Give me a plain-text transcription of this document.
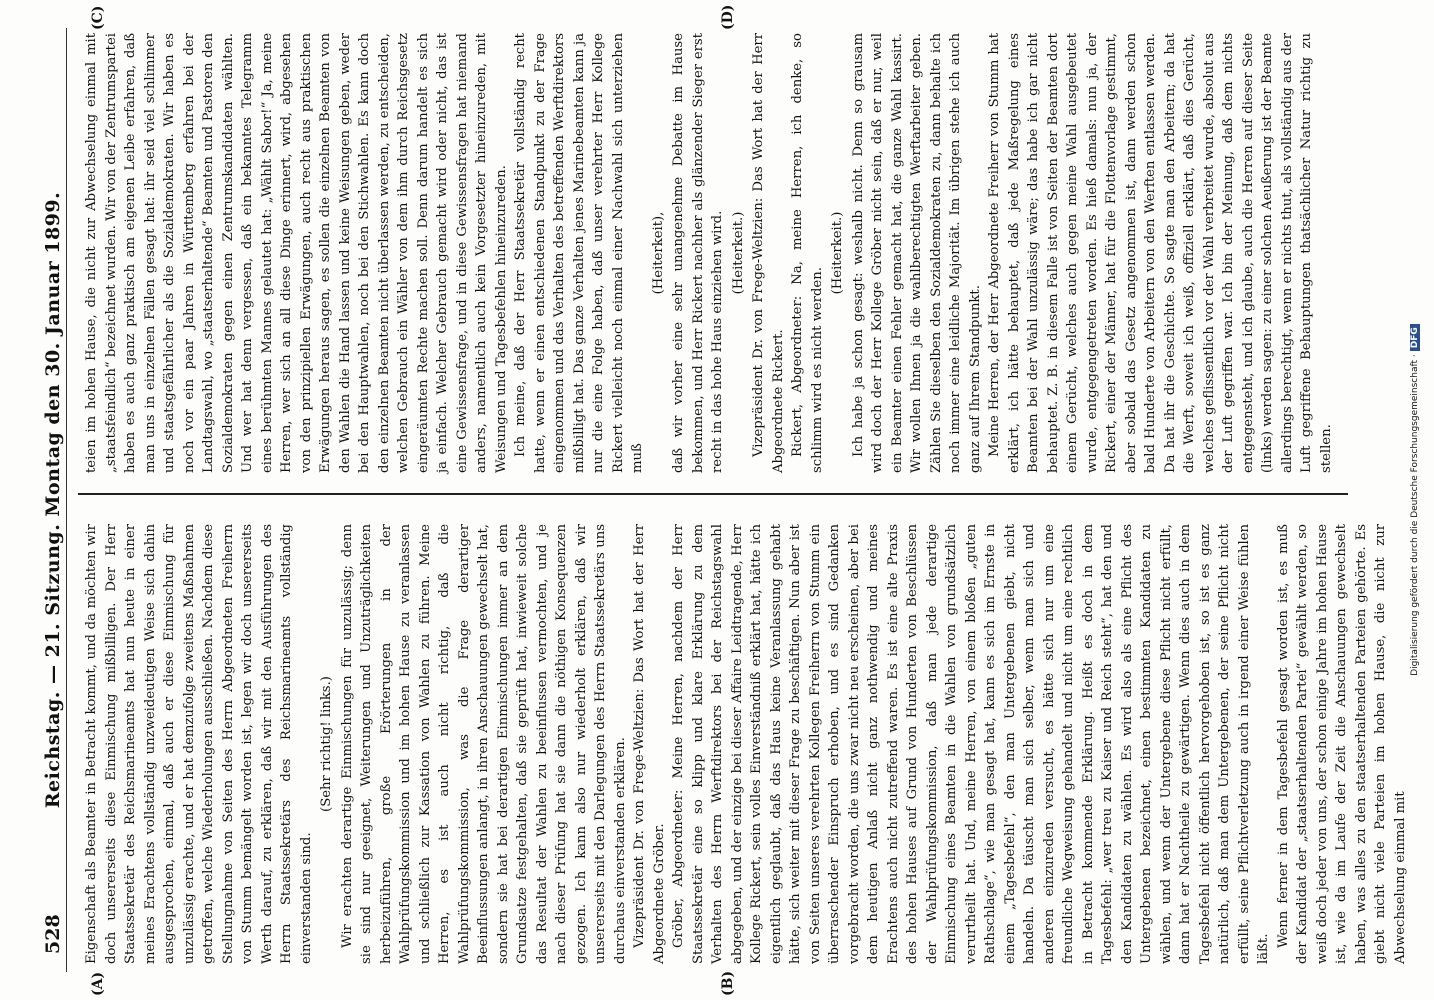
528
Reichstag. — 21. Sitzung. Montag den 30. Januar 1899.
(A)	(B)
(C)	(D)

Eigenschaft als Beamter in Betracht kommt, und da möchten wir doch unsererseits diese Einmischung mißbilligen. Der Herr Staatssekretär des Reichsmarineamts hat nun heute in einer meines Erachtens vollständig unzweideutigen Weise sich dahin ausgesprochen, einmal, daß auch er diese Einmischung für unzulässig erachte, und er hat demzufolge zweitens Maßnahmen getroffen, welche Wiederholungen ausschließen. Nachdem diese Stellungnahme von Seiten des Herrn Abgeordneten Freiherrn von Stumm bemängelt worden ist, legen wir doch unsererseits Werth darauf, zu erklären, daß wir mit den Ausführungen des Herrn Staatssekretärs des Reichsmarineamts vollständig einverstanden sind.

(Sehr richtig! links.) Wir erachten derartige Einmischungen für unzulässig; denn sie sind nur geeignet, Weiterungen und Unzuträglichkeiten herbeizuführen, große Erörterungen in der Wahlprüfungskommission und im hohen Hause zu veranlassen und schließlich zur Kassation von Wahlen zu führen. Meine Herren, es ist auch nicht richtig, daß die Wahlprüfungskommission, was die Frage derartiger Beeinflussungen anlangt, in ihren Anschauungen gewechselt hat, sondern sie hat bei derartigen Einmischungen immer an dem Grundsatze festgehalten, daß sie geprüft hat, inwieweit solche das Resultat der Wahlen zu beeinflussen vermochten, und je nach dieser Prüfung hat sie dann die nöthigen Konsequenzen gezogen. Ich kann also nur wiederholt erklären, daß wir unsererseits mit den Darlegungen des Herrn Staatssekretärs uns durchaus einverstanden erklären. Vizepräsident Dr. von Frege-Weltzien: Das Wort hat der Herr Abgeordnete Gröber. Gröber, Abgeordneter: Meine Herren, nachdem der Herr Staatssekretär eine so klipp und klare Erklärung zu dem Verhalten des Herrn Werftdirektors bei der Reichstagswahl abgegeben, und der einzige bei dieser Affaire Leidtragende, Herr Kollege Rickert, sein volles Einverständniß erklärt hat, hätte ich eigentlich geglaubt, daß das Haus keine Veranlassung gehabt hätte, sich weiter mit dieser Frage zu beschäftigen. Nun aber ist von Seiten unseres verehrten Kollegen Freiherrn von Stumm ein überraschender Einspruch erhoben, und es sind Gedanken vorgebracht worden, die uns zwar nicht neu erscheinen, aber bei dem heutigen Anlaß nicht ganz nothwendig und meines Erachtens auch nicht zutreffend waren. Es ist eine alte Praxis des hohen Hauses auf Grund von Hunderten von Beschlüssen der Wahlprüfungskommission, daß man jede derartige Einmischung eines Beamten in die Wahlen von grundsätzlich verurtheilt hat. Und, meine Herren, von einem bloßen „guten Rathschlage“, wie man gesagt hat, kann es sich im Ernste in einem „Tagesbefehl“, den man Untergebenen giebt, nicht handeln. Da täuscht man sich selber, wenn man sich und anderen einzureden versucht, es hätte sich nur um eine freundliche Wegweisung gehandelt und nicht um eine rechtlich in Betracht kommende Erklärung. Heißt es doch in dem Tagesbefehl: „wer treu zu Kaiser und Reich steht“, hat den und den Kandidaten zu wählen. Es wird also als eine Pflicht des Untergebenen bezeichnet, einen bestimmten Kandidaten zu wählen, und wenn der Untergebene diese Pflicht nicht erfüllt, dann hat er Nachtheile zu gewärtigen. Wenn dies auch in dem Tagesbefehl nicht öffentlich hervorgehoben ist, so ist es ganz natürlich, daß man dem Untergebenen, der seine Pflicht nicht erfüllt, seine Pflichtverletzung auch in irgend einer Weise fühlen läßt.

Wenn ferner in dem Tagesbefehl gesagt worden ist, es muß der Kandidat der „staatserhaltenden Partei“ gewählt werden, so weiß doch jeder von uns, der schon einige Jahre im hohen Hause ist, wie da im Laufe der Zeit die Anschauungen gewechselt haben, was alles zu den staatserhaltenden Parteien gehörte. Es giebt nicht viele Parteien im hohen Hause, die nicht zur Abwechselung einmal mit

teien im hohen Hause, die nicht zur Abwechselung einmal mit „staatsfeindlich“ bezeichnet wurden. Wir von der Zentrumspartei haben es auch ganz praktisch am eigenen Leibe erfahren, daß man uns in einzelnen Fällen gesagt hat: ihr seid viel schlimmer und staatsgefährlicher als die Sozialdemokraten. Wir haben es noch vor ein paar Jahren in Württemberg erfahren bei der Landtagswahl, wo „staatserhaltende“ Beamten und Pastoren den Sozialdemokraten gegen einen Zentrumskandidaten wählten. Und wer hat denn vergessen, daß ein bekanntes Telegramm eines berühmten Mannes gelautet hat: „Wählt Sabor!“ Ja, meine Herren, wer sich an all diese Dinge erinnert, wird, abgesehen von den prinzipiellen Erwägungen, auch recht aus praktischen Erwägungen heraus sagen, es sollen die einzelnen Beamten von den Wahlen die Hand lassen und keine Weisungen geben, weder bei den Hauptwahlen, noch bei den Stichwahlen. Es kann doch den einzelnen Beamten nicht überlassen werden, zu entscheiden, welchen Gebrauch ein Wähler von dem ihm durch Reichsgesetz eingeräumten Rechte machen soll. Denn darum handelt es sich ja einfach. Welcher Gebrauch gemacht wird oder nicht, das ist eine Gewissensfrage, und in diese Gewissensfragen hat niemand anders, namentlich auch kein Vorgesetzter hineinzureden, mit Weisungen und Tagesbefehlen hineinzureden. Ich meine, daß der Herr Staatssekretär vollständig recht hatte, wenn er einen entschiedenen Standpunkt zu der Frage eingenommen und das Verhalten des betreffenden Werftdirektors mißbilligt hat. Das ganze Verhalten jenes Marinebeamten kann ja nur die eine Folge haben, daß unser verehrter Herr Kollege Rickert vielleicht noch einmal einer Nachwahl sich unterziehen muß

(Heiterkeit), daß wir vorher eine sehr unangenehme Debatte im Hause bekommen, und Herr Rickert nachher als glänzender Sieger erst recht in das hohe Haus einziehen wird. (Heiterkeit.) Vizepräsident Dr. von Frege-Weltzien: Das Wort hat der Herr Abgeordnete Rickert. Rickert, Abgeordneter: Na, meine Herren, ich denke, so schlimm wird es nicht werden.

(Heiterkeit.) Ich habe ja schon gesagt: weshalb nicht. Denn so grausam wird doch der Herr Kollege Gröber nicht sein, daß er nur, weil ein Beamter einen Fehler gemacht hat, die ganze Wahl kassirt. Wir wollen Ihnen ja die wahlberechtigten Werftarbeiter geben. Zählen Sie dieselben den Sozialdemokraten zu, dann behalte ich noch immer eine leidliche Majorität. Im übrigen stehe ich auch ganz auf Ihrem Standpunkt. Meine Herren, der Herr Abgeordnete Freiherr von Stumm hat erklärt, ich hätte behauptet, daß jede Maßregelung eines Beamten bei der Wahl unzulässig wäre; das habe ich gar nicht behauptet. Z. B. in diesem Falle ist von Seiten der Beamten dort einem Gerücht, welches auch gegen meine Wahl ausgebeutet wurde, entgegengetreten worden. Es hieß damals: nun ja, der Rickert, einer der Männer, hat für die Flottenvorlage gestimmt, aber sobald das Gesetz angenommen ist, dann werden schon bald Hunderte von Arbeitern von den Werften entlassen werden. Da hat ihr die Geschichte. So sagte man den Arbeitern; da hat die Werft, soweit ich weiß, offiziell erklärt, daß dies Gerücht, welches geflissentlich vor der Wahl verbreitet wurde, absolut aus der Luft gegriffen war. Ich bin der Meinung, daß dem nichts entgegensteht, und ich glaube, auch die Herren auf dieser Seite (links) werden sagen: zu einer solchen Aeußerung ist der Beamte allerdings berechtigt, wenn er nichts thut, als vollständig aus der Luft gegriffene Behauptungen thatsächlicher Natur richtig zu stellen.	Digitalisierung gefördert durch die Deutsche Forschungsgemeinschaft ·DFG
